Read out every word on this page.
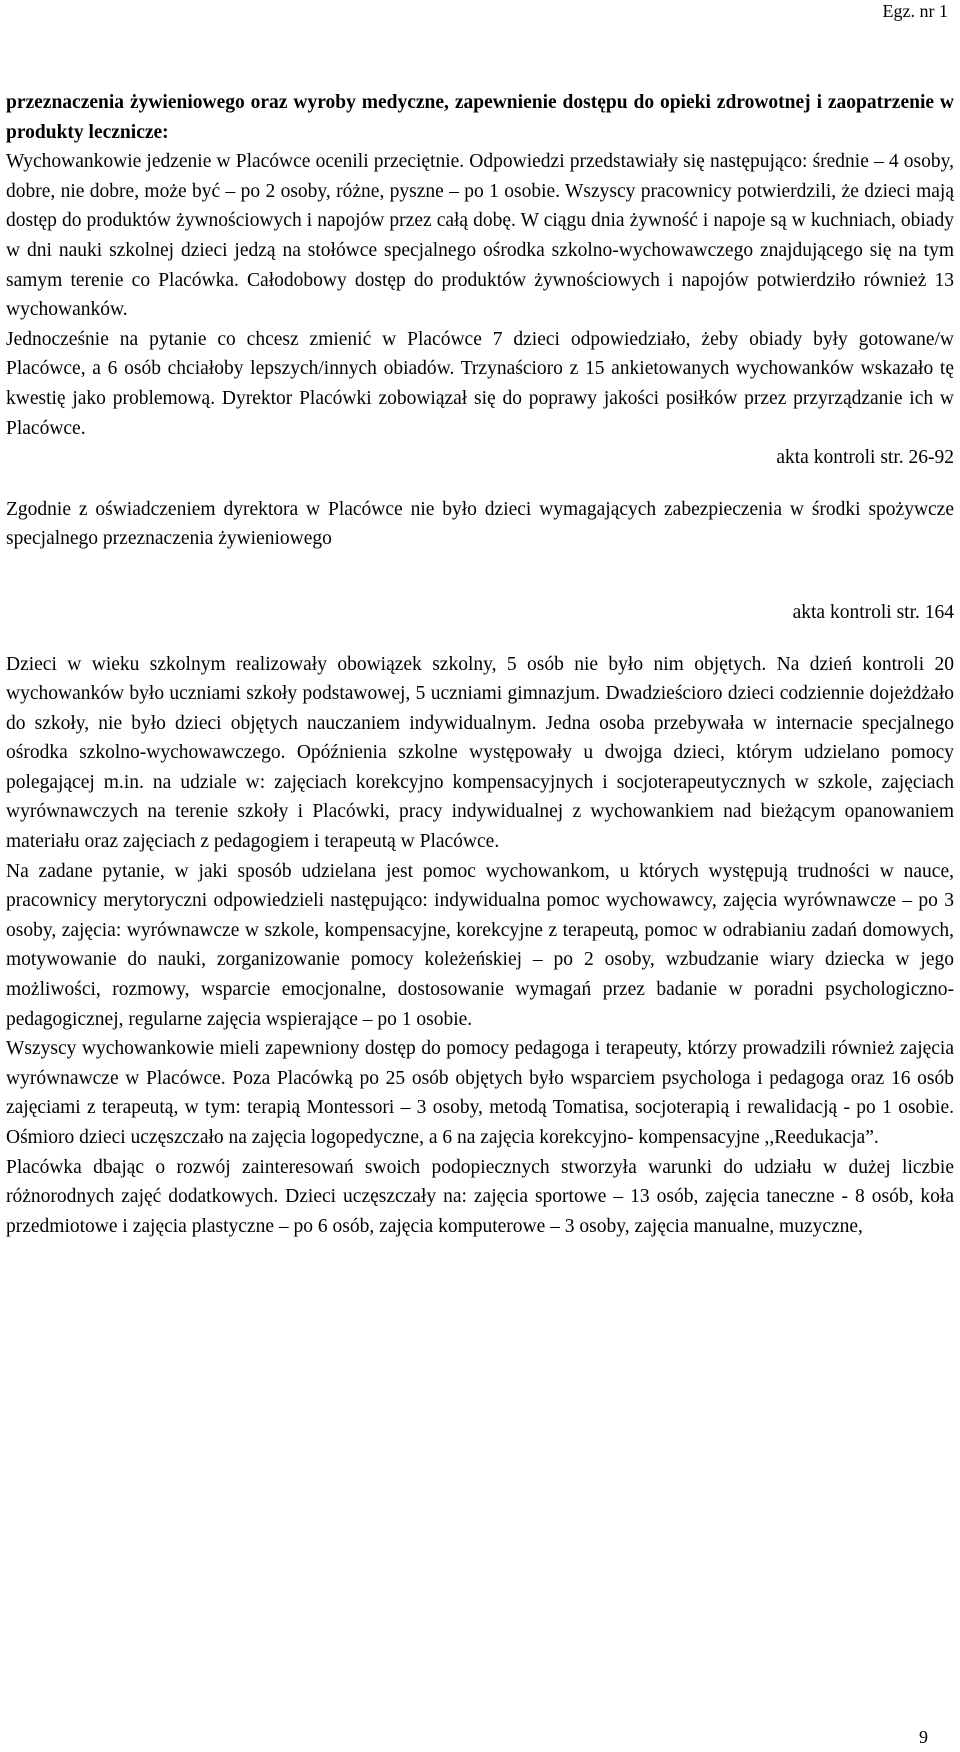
Egz. nr 1

przeznaczenia żywieniowego oraz wyroby medyczne, zapewnienie dostępu do opieki zdrowotnej i zaopatrzenie w produkty lecznicze:

Wychowankowie jedzenie w Placówce ocenili przeciętnie. Odpowiedzi przedstawiały się następująco: średnie – 4 osoby, dobre, nie dobre, może być – po 2 osoby, różne, pyszne – po 1 osobie. Wszyscy pracownicy potwierdzili, że dzieci mają dostęp do produktów żywnościowych i napojów przez całą dobę. W ciągu dnia żywność i napoje są w kuchniach, obiady w dni nauki szkolnej dzieci jedzą na stołówce specjalnego ośrodka szkolno-wychowawczego znajdującego się na tym samym terenie co Placówka. Całodobowy dostęp do produktów żywnościowych i napojów potwierdziło również 13 wychowanków.

Jednocześnie na pytanie co chcesz zmienić w Placówce 7 dzieci odpowiedziało, żeby obiady były gotowane/w Placówce, a 6 osób chciałoby lepszych/innych obiadów. Trzynaścioro z 15 ankietowanych wychowanków wskazało tę kwestię jako problemową. Dyrektor Placówki zobowiązał się do poprawy jakości posiłków przez przyrządzanie ich w Placówce.

akta kontroli str. 26-92

Zgodnie z oświadczeniem dyrektora w Placówce nie było dzieci wymagających zabezpieczenia w środki spożywcze specjalnego przeznaczenia żywieniowego

akta kontroli str. 164

Dzieci w wieku szkolnym realizowały obowiązek szkolny, 5 osób nie było nim objętych. Na dzień kontroli 20 wychowanków było uczniami szkoły podstawowej, 5 uczniami gimnazjum. Dwadzieścioro dzieci codziennie dojeżdżało do szkoły, nie było dzieci objętych nauczaniem indywidualnym. Jedna osoba przebywała w internacie specjalnego ośrodka szkolno-wychowawczego. Opóźnienia szkolne występowały u dwojga dzieci, którym udzielano pomocy polegającej m.in. na udziale w: zajęciach korekcyjno kompensacyjnych i socjoterapeutycznych w szkole, zajęciach wyrównawczych na terenie szkoły i Placówki, pracy indywidualnej z wychowankiem nad bieżącym opanowaniem materiału oraz zajęciach z pedagogiem i terapeutą w Placówce.

Na zadane pytanie, w jaki sposób udzielana jest pomoc wychowankom, u których występują trudności w nauce, pracownicy merytoryczni odpowiedzieli następująco: indywidualna pomoc wychowawcy, zajęcia wyrównawcze – po 3 osoby, zajęcia: wyrównawcze w szkole, kompensacyjne, korekcyjne z terapeutą, pomoc w odrabianiu zadań domowych, motywowanie do nauki, zorganizowanie pomocy koleżeńskiej – po 2 osoby, wzbudzanie wiary dziecka w jego możliwości, rozmowy, wsparcie emocjonalne, dostosowanie wymagań przez badanie w poradni psychologiczno-pedagogicznej, regularne zajęcia wspierające – po 1 osobie.

Wszyscy wychowankowie mieli zapewniony dostęp do pomocy pedagoga i terapeuty, którzy prowadzili również zajęcia wyrównawcze w Placówce. Poza Placówką po 25 osób objętych było wsparciem psychologa i pedagoga oraz 16 osób zajęciami z terapeutą, w tym: terapią Montessori – 3 osoby, metodą Tomatisa, socjoterapią i rewalidacją - po 1 osobie. Ośmioro dzieci uczęszczało na zajęcia logopedyczne, a 6 na zajęcia korekcyjno- kompensacyjne ,,Reedukacja”.

Placówka dbając o rozwój zainteresowań swoich podopiecznych stworzyła warunki do udziału w dużej liczbie różnorodnych zajęć dodatkowych. Dzieci uczęszczały na: zajęcia sportowe – 13 osób, zajęcia taneczne - 8 osób, koła przedmiotowe i zajęcia plastyczne – po 6 osób, zajęcia komputerowe – 3 osoby, zajęcia manualne, muzyczne,

9
